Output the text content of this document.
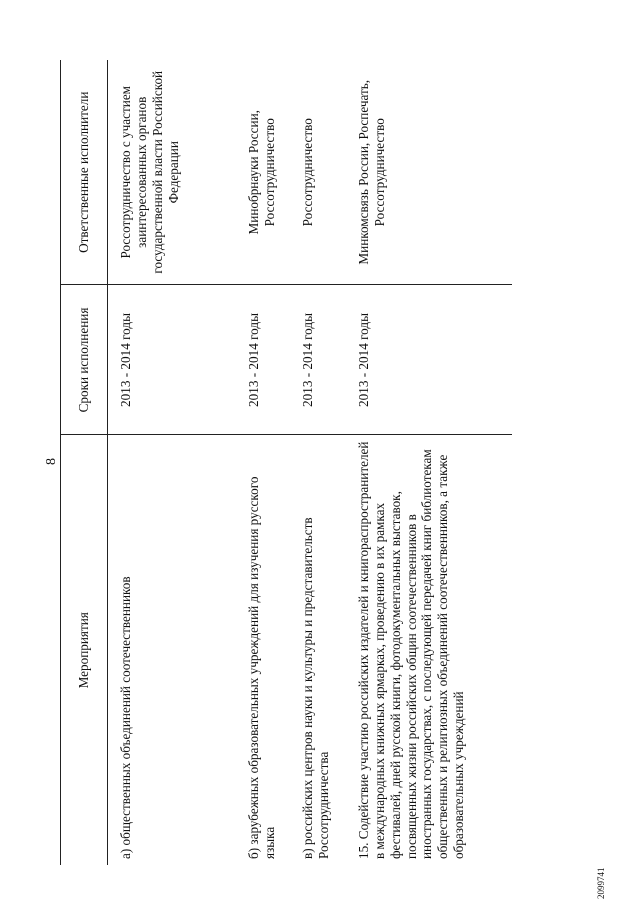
8
Мероприятия	Сроки исполнения	Ответственные исполнители
а) общественных объединений соотечественников	2013 - 2014 годы	Россотрудничество с участием заинтересованных органов государственной власти Российской Федерации
б) зарубежных образовательных учреждений для изучения русского языка	2013 - 2014 годы	Минобрнауки России, Россотрудничество
в) российских центров науки и культуры и представительств Россотрудничества	2013 - 2014 годы	Россотрудничество
15. Содействие участию российских издателей и книгораспространителей в международных книжных ярмарках, проведению в их рамках фестивалей, дней русской книги, фотодокументальных выставок, посвященных жизни российских общин соотечественников в иностранных государствах, с последующей передачей книг библиотекам общественных и религиозных объединений соотечественников, а также образовательных учреждений	2013 - 2014 годы	Минкомсвязь России, Роспечать, Россотрудничество
2099741
